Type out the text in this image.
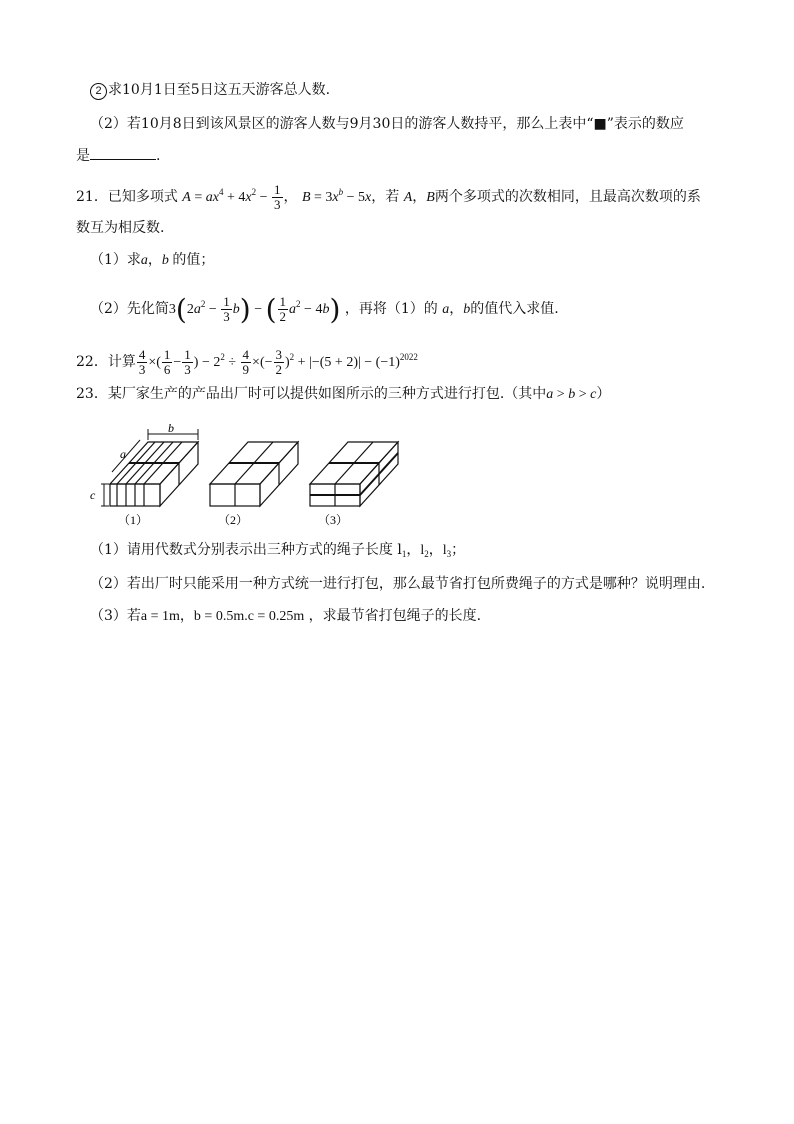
2 求10月1日至5日这五天游客总人数.
（2）若10月8日到该风景区的游客人数与9月30日的游客人数持平，那么上表中“■”表示的数应
是	.
21．已知多项式 $A = ax^4 + 4x^2 - \frac{1}{3}$ ， $B = 3x^b - 5x$，若 A，B两个多项式的次数相同，且最高次数项的系
数互为相反数.
（1）求a，b 的值；
（2）先化简$3(2a^2 - \frac{1}{3} b)$ − ( $\frac{1}{2} a^2 - 4b$) ，再将（1）的 a，b的值代入求值.
22．计算 $\frac{4}{3}$ ×( $\frac{1}{6} - \frac{1}{3}$ ) − $2^2 \div \frac{4}{9}$ ×(− $\frac{3}{2} )^2 + |-(5 + 2)| - (-1)^{2022}$
23．某厂家生产的产品出厂时可以提供如图所示的三种方式进行打包.（其中a > b > c）
c
b
a
（1）	（2）	（3）
（1）请用代数式分别表示出三种方式的绳子长度 $l_1$，$l_2$，$l_3$；
（2）若出厂时只能采用一种方式统一进行打包，那么最节省打包所费绳子的方式是哪种？说明理由.
（3）若a = 1m，b = 0.5m.c = 0.25m ，求最节省打包绳子的长度.
